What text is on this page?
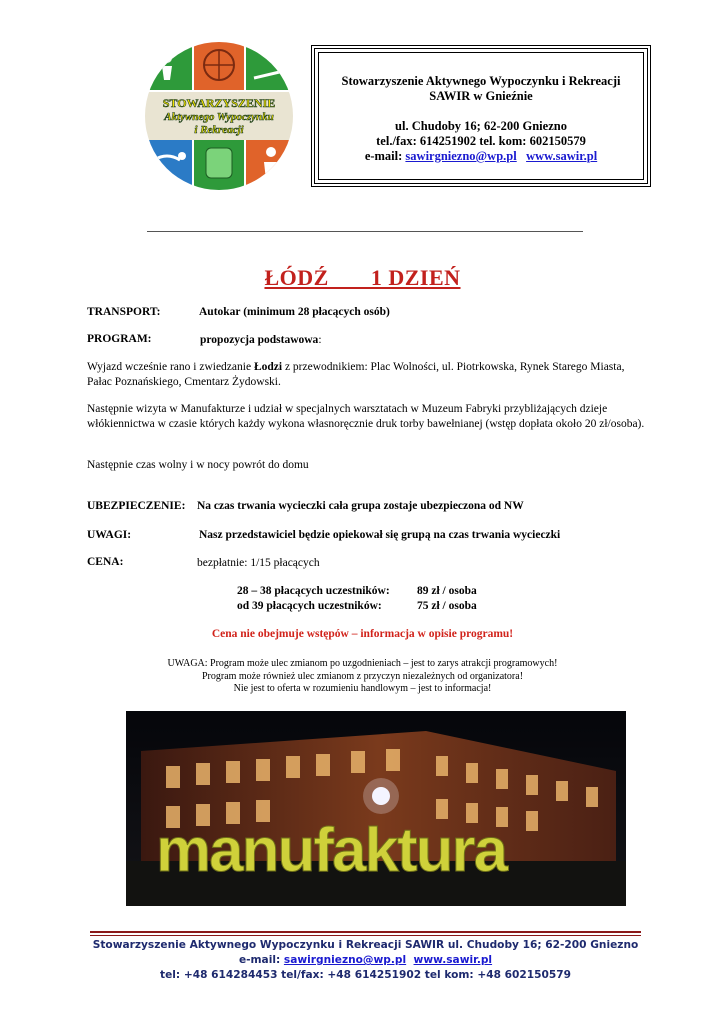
STOWARZYSZENIE
Aktywnego Wypoczynku
i Rekreacji
Stowarzyszenie Aktywnego Wypoczynku i Rekreacji
SAWIR w Gnieźnie
ul. Chudoby 16; 62-200 Gniezno
tel./fax: 614251902 tel. kom: 602150579
e-mail: sawirgniezno@wp.pl www.sawir.pl
ŁÓDŹ       1 DZIEŃ
TRANSPORT:	Autokar (minimum 28 płacących osób)
PROGRAM:	propozycja podstawowa:
Wyjazd wcześnie rano i zwiedzanie Łodzi z przewodnikiem: Plac Wolności, ul. Piotrkowska, Rynek Starego Miasta, Pałac Poznańskiego, Cmentarz Żydowski.
Następnie wizyta w Manufakturze i udział w specjalnych warsztatach w Muzeum Fabryki przybliżających dzieje włókiennictwa w czasie których każdy wykona własnoręcznie druk torby bawełnianej (wstęp dopłata około 20 zł/osoba).
Następnie czas wolny i w nocy powrót do domu
UBEZPIECZENIE: Na czas trwania wycieczki cała grupa zostaje ubezpieczona od NW
UWAGI:	Nasz przedstawiciel będzie opiekował się grupą na czas trwania wycieczki
CENA:	bezpłatnie: 1/15 płacących
28 – 38 płacących uczestników: 89 zł / osoba
od 39 płacących uczestników:	75 zł / osoba
Cena nie obejmuje wstępów – informacja w opisie programu!
UWAGA: Program może ulec zmianom po uzgodnieniach – jest to zarys atrakcji programowych!
Program może również ulec zmianom z przyczyn niezależnych od organizatora!
Nie jest to oferta w rozumieniu handlowym – jest to informacja!
manufaktura
Stowarzyszenie Aktywnego Wypoczynku i Rekreacji SAWIR ul. Chudoby 16; 62-200 Gniezno
e-mail: sawirgniezno@wp.pl www.sawir.pl
tel: +48 614284453 tel/fax: +48 614251902 tel kom: +48 602150579
